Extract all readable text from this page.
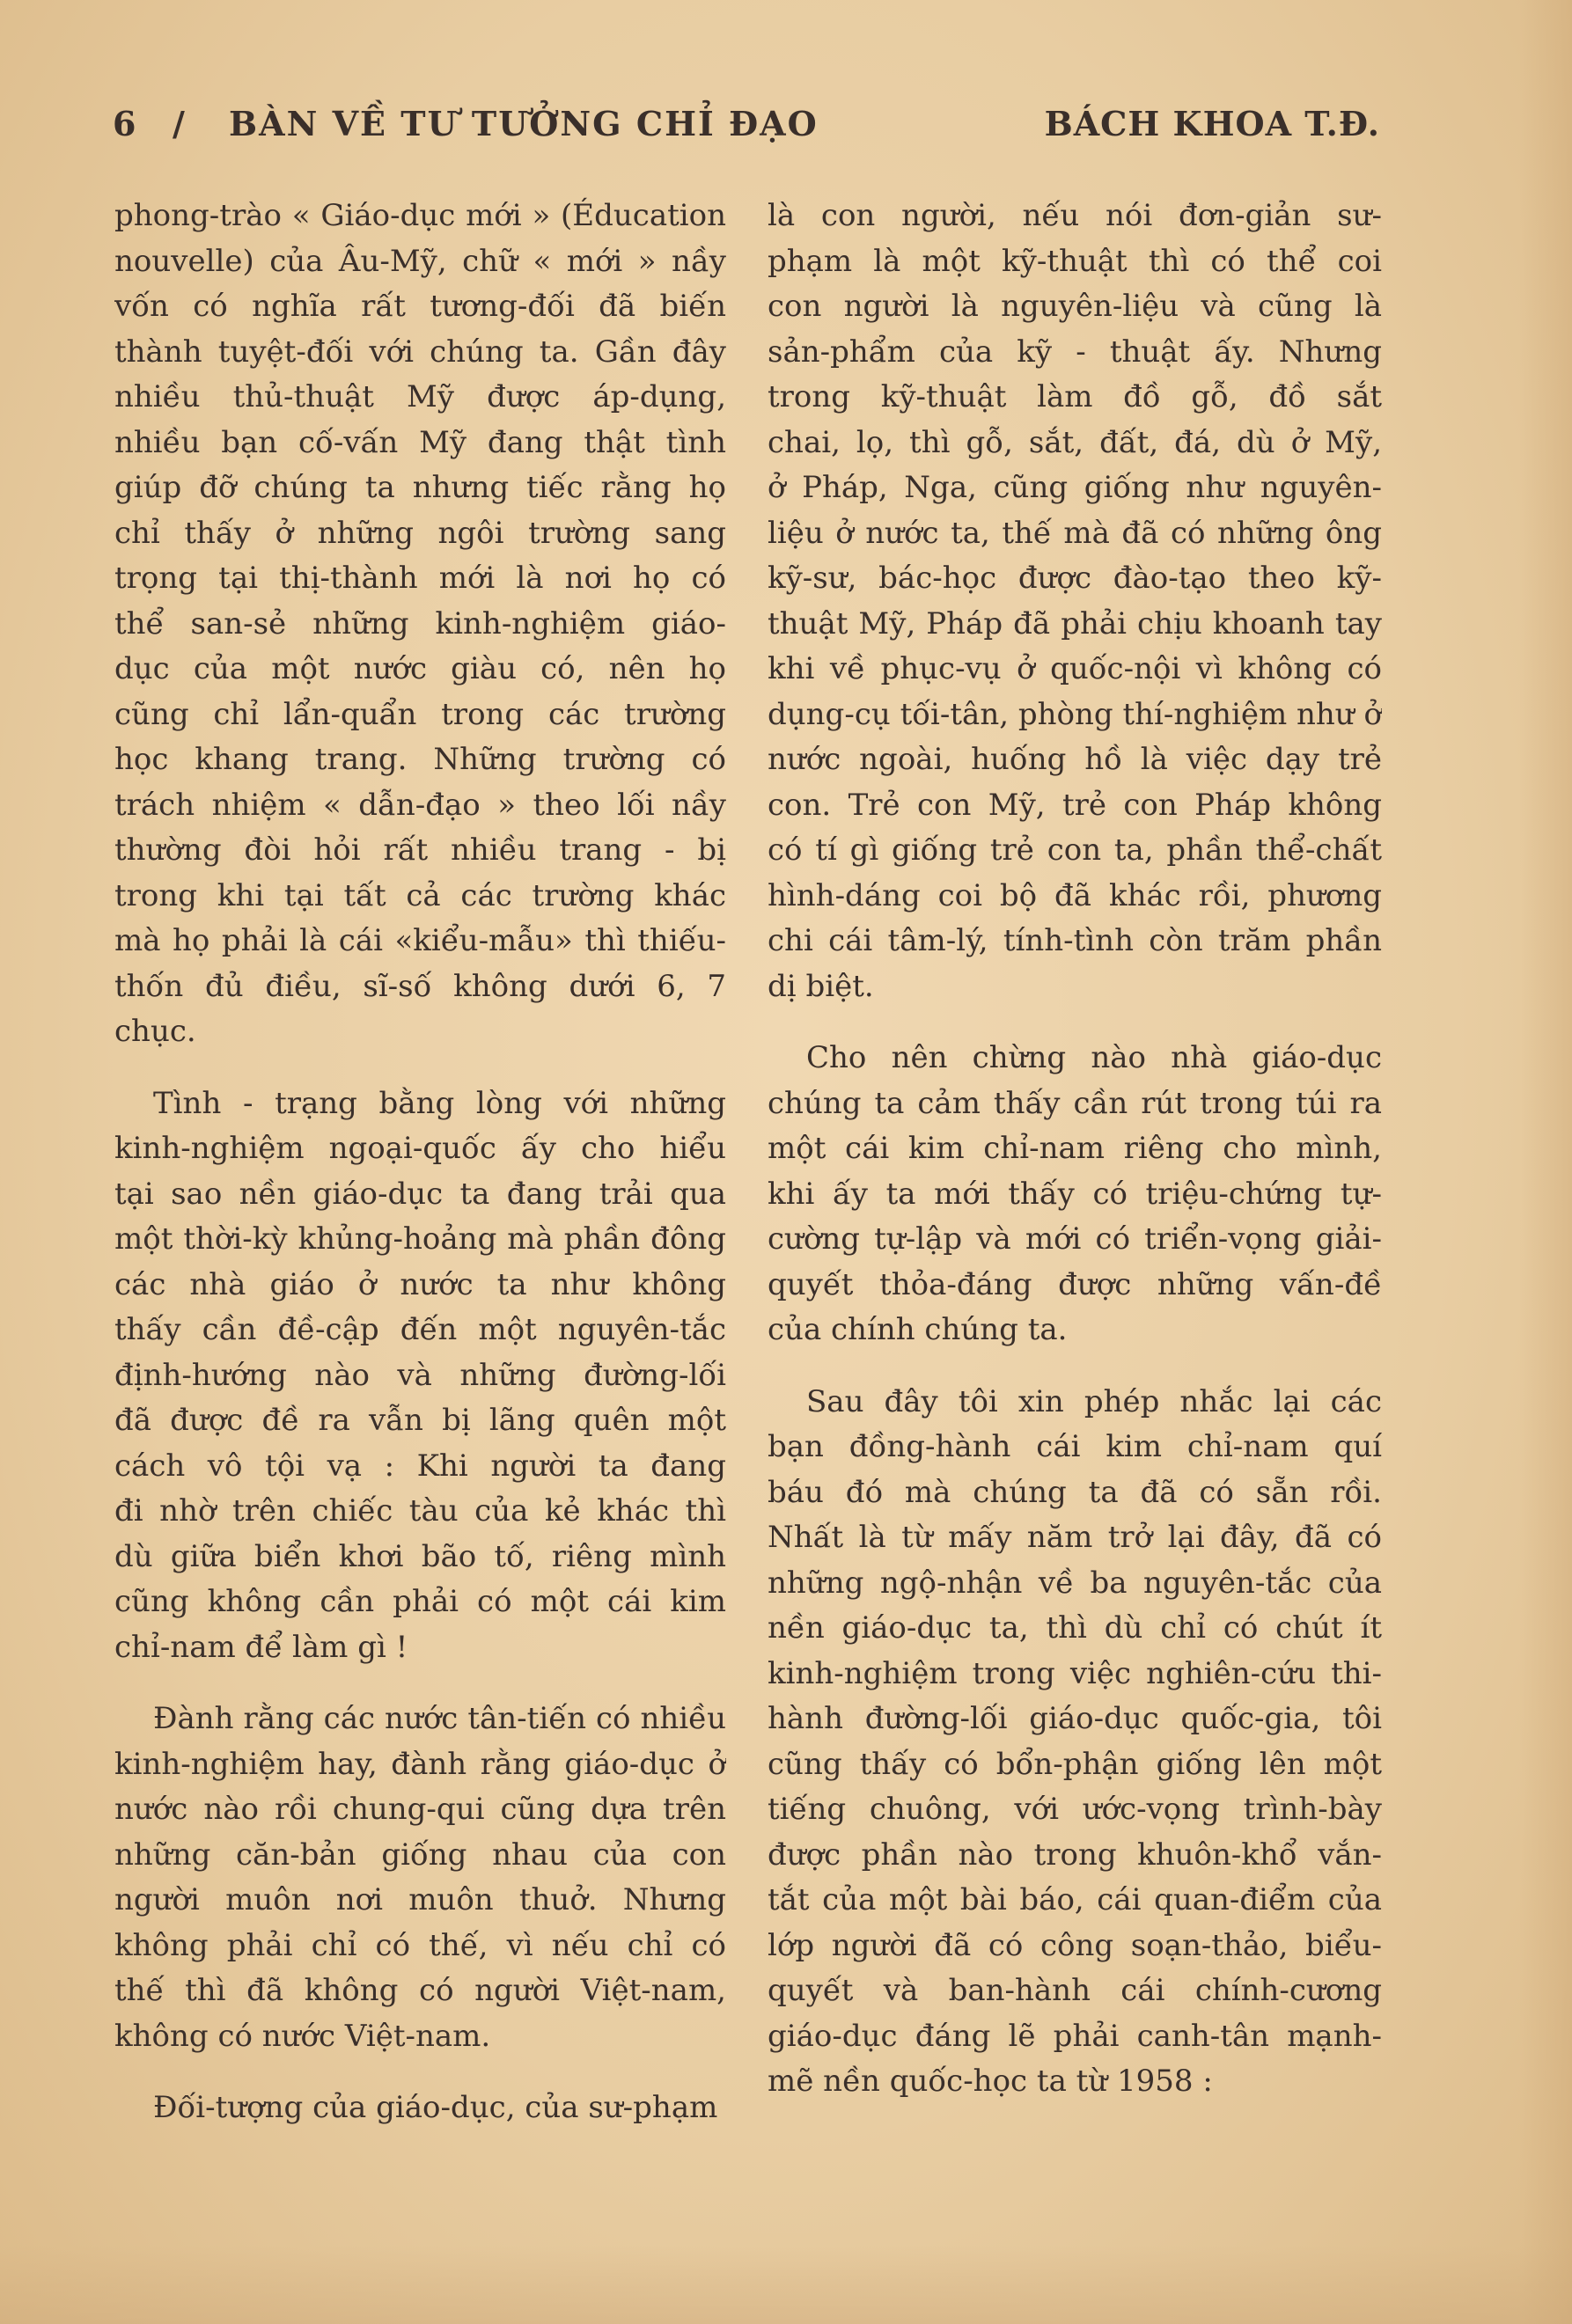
6 / BÀN VỀ TƯ TƯỞNG CHỈ ĐẠO	BÁCH KHOA T.Đ.
phong-trào « Giáo-dục mới » (Éducation
nouvelle) của Âu-Mỹ, chữ « mới » nầy
vốn có nghĩa rất tương-đối đã biến
thành tuyệt-đối với chúng ta. Gần đây
nhiều thủ-thuật Mỹ được áp-dụng,
nhiều bạn cố-vấn Mỹ đang thật tình
giúp đỡ chúng ta nhưng tiếc rằng họ
chỉ thấy ở những ngôi trường sang
trọng tại thị-thành mới là nơi họ có
thể san-sẻ những kinh-nghiệm giáo-
dục của một nước giàu có, nên họ
cũng chỉ lẩn-quẩn trong các trường
học khang trang. Những trường có
trách nhiệm « dẫn-đạo » theo lối nầy
thường đòi hỏi rất nhiều trang - bị
trong khi tại tất cả các trường khác
mà họ phải là cái «kiểu-mẫu» thì thiếu-
thốn đủ điều, sĩ-số không dưới 6, 7
chục.
Tình - trạng bằng lòng với những
kinh-nghiệm ngoại-quốc ấy cho hiểu
tại sao nền giáo-dục ta đang trải qua
một thời-kỳ khủng-hoảng mà phần đông
các nhà giáo ở nước ta như không
thấy cần đề-cập đến một nguyên-tắc
định-hướng nào và những đường-lối
đã được đề ra vẫn bị lãng quên một
cách vô tội vạ : Khi người ta đang
đi nhờ trên chiếc tàu của kẻ khác thì
dù giữa biển khơi bão tố, riêng mình
cũng không cần phải có một cái kim
chỉ-nam để làm gì !
Đành rằng các nước tân-tiến có nhiều
kinh-nghiệm hay, đành rằng giáo-dục ở
nước nào rồi chung-qui cũng dựa trên
những căn-bản giống nhau của con
người muôn nơi muôn thuở. Nhưng
không phải chỉ có thế, vì nếu chỉ có
thế thì đã không có người Việt-nam,
không có nước Việt-nam.
Đối-tượng của giáo-dục, của sư-phạm
là con người, nếu nói đơn-giản sư-
phạm là một kỹ-thuật thì có thể coi
con người là nguyên-liệu và cũng là
sản-phẩm của kỹ - thuật ấy. Nhưng
trong kỹ-thuật làm đồ gỗ, đồ sắt
chai, lọ, thì gỗ, sắt, đất, đá, dù ở Mỹ,
ở Pháp, Nga, cũng giống như nguyên-
liệu ở nước ta, thế mà đã có những ông
kỹ-sư, bác-học được đào-tạo theo kỹ-
thuật Mỹ, Pháp đã phải chịu khoanh tay
khi về phục-vụ ở quốc-nội vì không có
dụng-cụ tối-tân, phòng thí-nghiệm như ở
nước ngoài, huống hồ là việc dạy trẻ
con. Trẻ con Mỹ, trẻ con Pháp không
có tí gì giống trẻ con ta, phần thể-chất
hình-dáng coi bộ đã khác rồi, phương
chi cái tâm-lý, tính-tình còn trăm phần
dị biệt.
Cho nên chừng nào nhà giáo-dục
chúng ta cảm thấy cần rút trong túi ra
một cái kim chỉ-nam riêng cho mình,
khi ấy ta mới thấy có triệu-chứng tự-
cường tự-lập và mới có triển-vọng giải-
quyết thỏa-đáng được những vấn-đề
của chính chúng ta.
Sau đây tôi xin phép nhắc lại các
bạn đồng-hành cái kim chỉ-nam quí
báu đó mà chúng ta đã có sẵn rồi.
Nhất là từ mấy năm trở lại đây, đã có
những ngộ-nhận về ba nguyên-tắc của
nền giáo-dục ta, thì dù chỉ có chút ít
kinh-nghiệm trong việc nghiên-cứu thi-
hành đường-lối giáo-dục quốc-gia, tôi
cũng thấy có bổn-phận giống lên một
tiếng chuông, với ước-vọng trình-bày
được phần nào trong khuôn-khổ vắn-
tắt của một bài báo, cái quan-điểm của
lớp người đã có công soạn-thảo, biểu-
quyết và ban-hành cái chính-cương
giáo-dục đáng lẽ phải canh-tân mạnh-
mẽ nền quốc-học ta từ 1958 :
